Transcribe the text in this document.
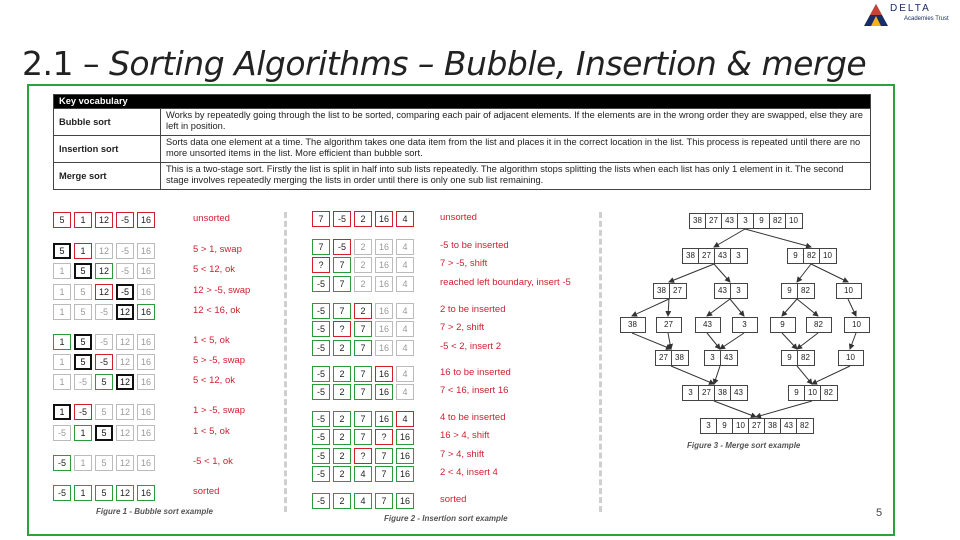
DELTA
Academies Trust
2.1 – Sorting Algorithms – Bubble, Insertion & merge
Key vocabulary	
Bubble sort	Works by repeatedly going through the list to be sorted, comparing each pair of adjacent elements. If the elements are in the wrong order they are swapped, else they are left in position.
Insertion sort	Sorts data one element at a time. The algorithm takes one data item from the list and places it in the correct location in the list. This process is repeated until there are no more unsorted items in the list. More efficient than bubble sort.
Merge sort	This is a two-stage sort. Firstly the list is split in half into sub lists repeatedly. The algorithm stops splitting the lists when each list has only 1 element in it. The second stage involves repeatedly merging the lists in order until there is only one sub list remaining.
5	1	12	-5	16	unsorted
5	1	12	-5	16	5 > 1, swap
1	5	12	-5	16	5 < 12, ok
1	5	12	-5	16	12 > -5, swap
1	5	-5	12	16	12 < 16, ok
1	5	-5	12	16	1 < 5, ok
1	5	-5	12	16	5 > -5, swap
1	-5	5	12	16	5 < 12, ok
1	-5	5	12	16	1 > -5, swap
-5	1	5	12	16	1 < 5, ok
-5	1	5	12	16	-5 < 1, ok
-5	1	5	12	16	sorted
Figure 1 - Bubble sort example
7	-5	2	16	4	unsorted
7	-5	2	16	4	-5 to be inserted
?	7	2	16	4	7 > -5, shift
-5	7	2	16	4	reached left boundary, insert -5
-5	7	2	16	4	2 to be inserted
-5	?	7	16	4	7 > 2, shift
-5	2	7	16	4	-5 < 2, insert 2
-5	2	7	16	4	16 to be inserted
-5	2	7	16	4	7 < 16, insert 16
-5	2	7	16	4	4 to be inserted
-5	2	7	?	16	16 > 4, shift
-5	2	?	7	16	7 > 4, shift
-5	2	4	7	16	2 < 4, insert 4
-5	2	4	7	16	sorted
Figure 2 - Insertion sort example
38 27 43 3 9 82 10
38 27 43 3	9 82 10
38 27	43 3	9 82	10
38	27	43	3	9	82	10
27 38	3 43	9 82	10
3 27 38 43	9 10 82
3 9 10 27 38 43 82
Figure 3 - Merge sort example
5
